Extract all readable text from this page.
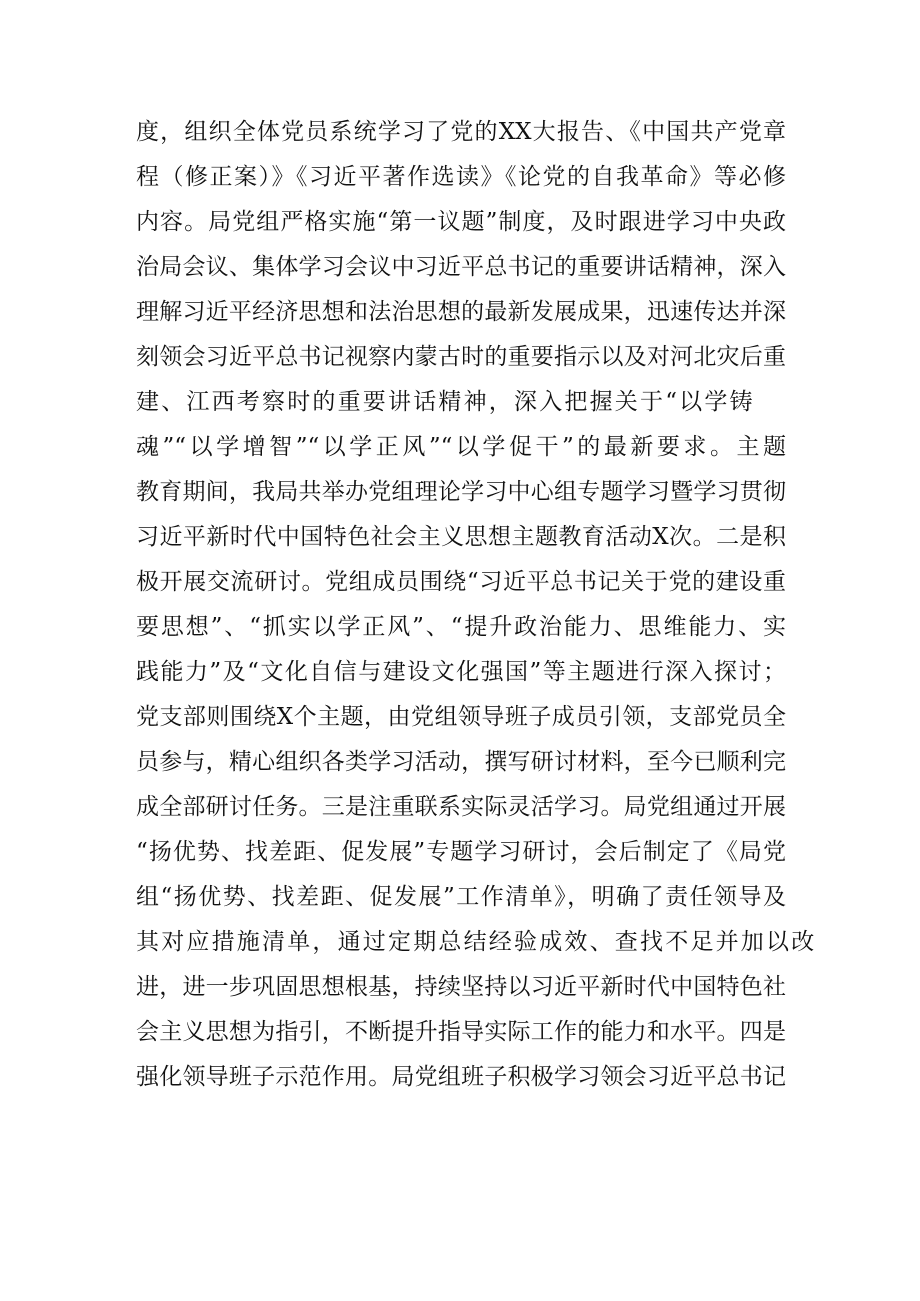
度，组织全体党员系统学习了党的XX大报告、《中国共产党章
程（修正案）》《习近平著作选读》《论党的自我革命》等必修
内容。局党组严格实施“第一议题”制度，及时跟进学习中央政
治局会议、集体学习会议中习近平总书记的重要讲话精神，深入
理解习近平经济思想和法治思想的最新发展成果，迅速传达并深
刻领会习近平总书记视察内蒙古时的重要指示以及对河北灾后重
建、江西考察时的重要讲话精神，深入把握关于“以学铸
魂”“以学增智”“以学正风”“以学促干”的最新要求。主题
教育期间，我局共举办党组理论学习中心组专题学习暨学习贯彻
习近平新时代中国特色社会主义思想主题教育活动X次。二是积
极开展交流研讨。党组成员围绕“习近平总书记关于党的建设重
要思想”、“抓实以学正风”、“提升政治能力、思维能力、实
践能力”及“文化自信与建设文化强国”等主题进行深入探讨；
党支部则围绕X个主题，由党组领导班子成员引领，支部党员全
员参与，精心组织各类学习活动，撰写研讨材料，至今已顺利完
成全部研讨任务。三是注重联系实际灵活学习。局党组通过开展
“扬优势、找差距、促发展”专题学习研讨，会后制定了《局党
组“扬优势、找差距、促发展”工作清单》，明确了责任领导及
其对应措施清单，通过定期总结经验成效、查找不足并加以改
进，进一步巩固思想根基，持续坚持以习近平新时代中国特色社
会主义思想为指引，不断提升指导实际工作的能力和水平。四是
强化领导班子示范作用。局党组班子积极学习领会习近平总书记
